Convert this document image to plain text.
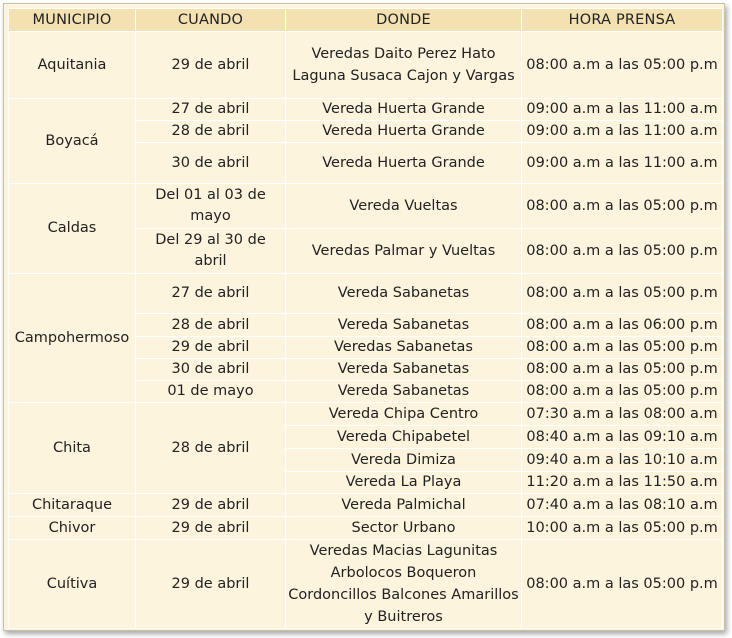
MUNICIPIO	CUANDO	DONDE	HORA PRENSA
Aquitania	29 de abril	Veredas Daito Perez Hato Laguna Susaca Cajon y Vargas	08:00 a.m a las 05:00 p.m
Boyacá	27 de abril	Vereda Huerta Grande	09:00 a.m a las 11:00 a.m
	28 de abril	Vereda Huerta Grande	09:00 a.m a las 11:00 a.m
	30 de abril	Vereda Huerta Grande	09:00 a.m a las 11:00 a.m
Caldas	Del 01 al 03 de mayo	Vereda Vueltas	08:00 a.m a las 05:00 p.m
	Del 29 al 30 de abril	Veredas Palmar y Vueltas	08:00 a.m a las 05:00 p.m
Campohermoso	27 de abril	Vereda Sabanetas	08:00 a.m a las 05:00 p.m
	28 de abril	Vereda Sabanetas	08:00 a.m a las 06:00 p.m
	29 de abril	Veredas Sabanetas	08:00 a.m a las 05:00 p.m
	30 de abril	Vereda Sabanetas	08:00 a.m a las 05:00 p.m
	01 de mayo	Vereda Sabanetas	08:00 a.m a las 05:00 p.m
Chita	28 de abril	Vereda Chipa Centro	07:30 a.m a las 08:00 a.m
		Vereda Chipabetel	08:40 a.m a las 09:10 a.m
		Vereda Dimiza	09:40 a.m a las 10:10 a.m
		Vereda La Playa	11:20 a.m a las 11:50 a.m
Chitaraque	29 de abril	Vereda Palmichal	07:40 a.m a las 08:10 a.m
Chivor	29 de abril	Sector Urbano	10:00 a.m a las 05:00 p.m
Cuítiva	29 de abril	Veredas Macias Lagunitas Arbolocos Boqueron Cordoncillos Balcones Amarillos y Buitreros	08:00 a.m a las 05:00 p.m
